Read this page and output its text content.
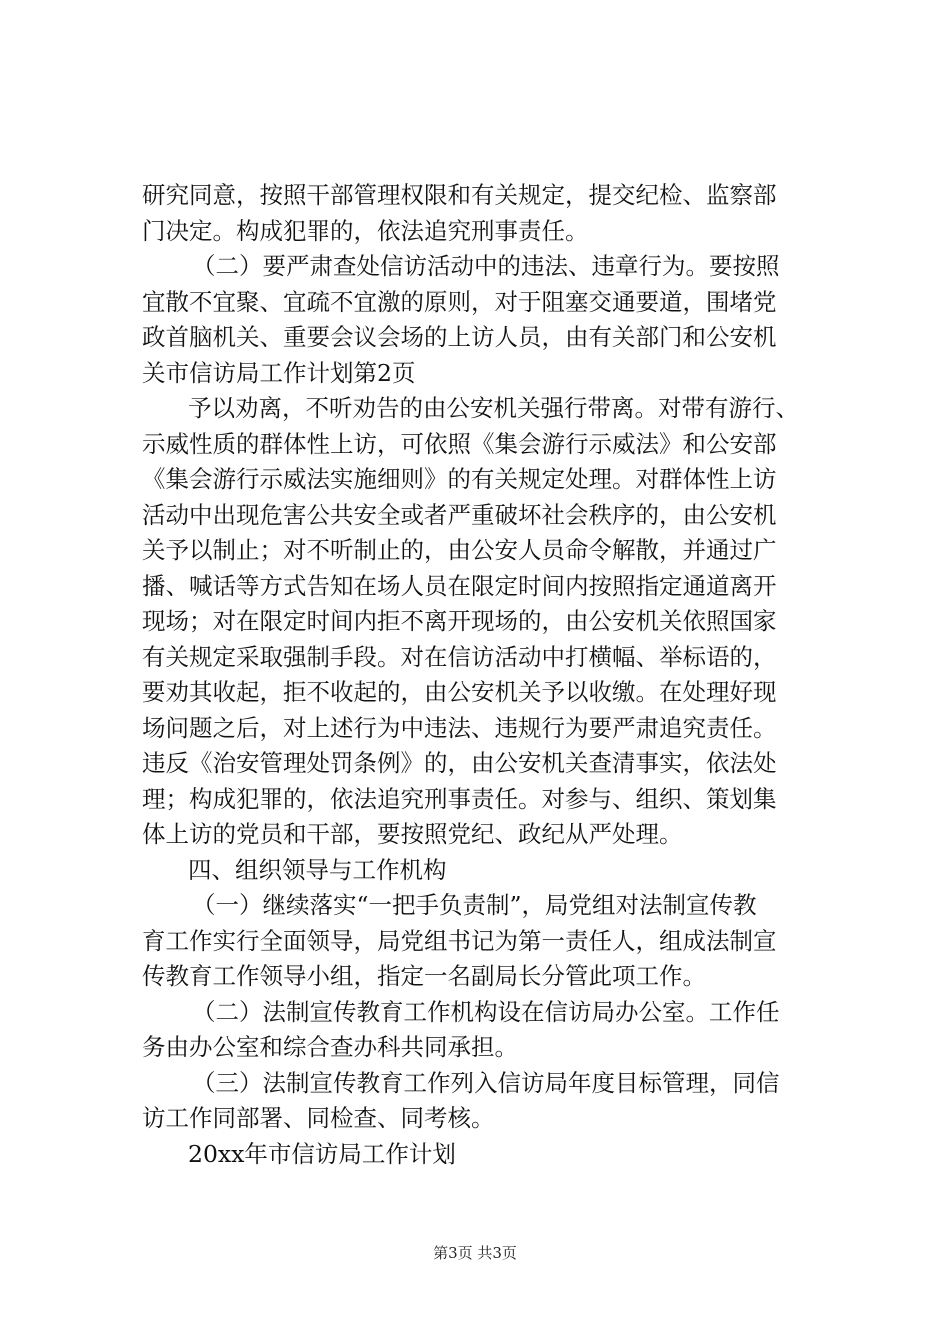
研究同意，按照干部管理权限和有关规定，提交纪检、监察部
门决定。构成犯罪的，依法追究刑事责任。
（二）要严肃查处信访活动中的违法、违章行为。要按照
宜散不宜聚、宜疏不宜激的原则，对于阻塞交通要道，围堵党
政首脑机关、重要会议会场的上访人员，由有关部门和公安机
关市信访局工作计划第2页
予以劝离，不听劝告的由公安机关强行带离。对带有游行、
示威性质的群体性上访，可依照《集会游行示威法》和公安部
《集会游行示威法实施细则》的有关规定处理。对群体性上访
活动中出现危害公共安全或者严重破坏社会秩序的，由公安机
关予以制止；对不听制止的，由公安人员命令解散，并通过广
播、喊话等方式告知在场人员在限定时间内按照指定通道离开
现场；对在限定时间内拒不离开现场的，由公安机关依照国家
有关规定采取强制手段。对在信访活动中打横幅、举标语的，
要劝其收起，拒不收起的，由公安机关予以收缴。在处理好现
场问题之后，对上述行为中违法、违规行为要严肃追究责任。
违反《治安管理处罚条例》的，由公安机关查清事实，依法处
理；构成犯罪的，依法追究刑事责任。对参与、组织、策划集
体上访的党员和干部，要按照党纪、政纪从严处理。
四、组织领导与工作机构
（一）继续落实“一把手负责制”，局党组对法制宣传教
育工作实行全面领导，局党组书记为第一责任人，组成法制宣
传教育工作领导小组，指定一名副局长分管此项工作。
（二）法制宣传教育工作机构设在信访局办公室。工作任
务由办公室和综合查办科共同承担。
（三）法制宣传教育工作列入信访局年度目标管理，同信
访工作同部署、同检查、同考核。
20xx年市信访局工作计划
第3页 共3页
